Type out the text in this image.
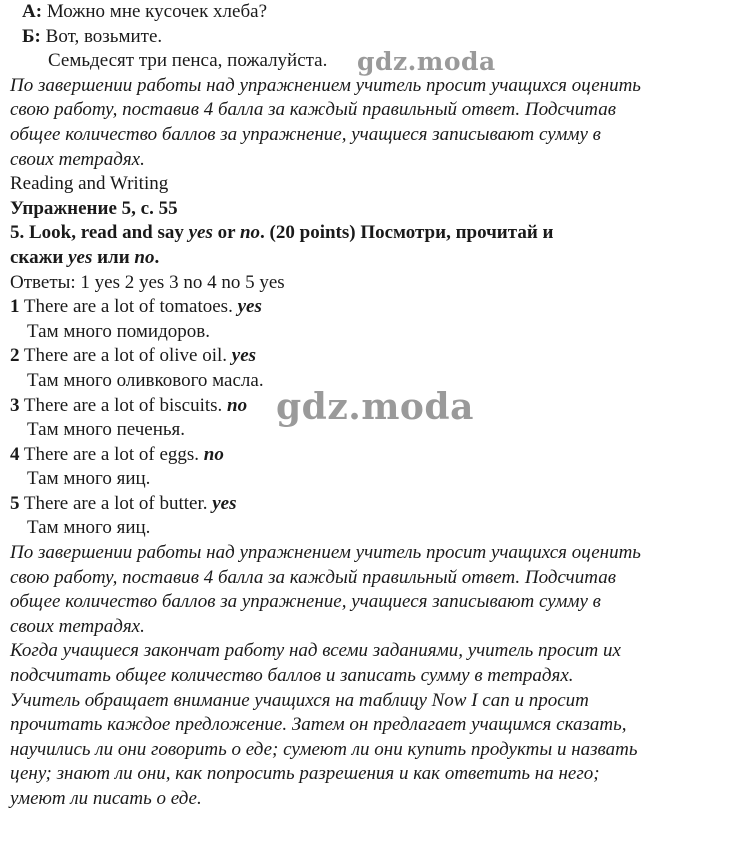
А: Можно мне кусочек хлеба?
Б: Вот, возьмите.
Семьдесят три пенса, пожалуйста.
По завершении работы над упражнением учитель просит учащихся оценить
свою работу, поставив 4 балла за каждый правильный ответ. Подсчитав
общее количество баллов за упражнение, учащиеся записывают сумму в
своих тетрадях.
Reading and Writing
Упражнение 5, с. 55
5. Look, read and say yes or no. (20 points) Посмотри, прочитай и
скажи yes или no.
Ответы: 1 yes 2 yes 3 no 4 no 5 yes
1 There are a lot of tomatoes. yes
Там много помидоров.
2 There are a lot of olive oil. yes
Там много оливкового масла.
3 There are a lot of biscuits. no
Там много печенья.
4 There are a lot of eggs. no
Там много яиц.
5 There are a lot of butter. yes
Там много яиц.
По завершении работы над упражнением учитель просит учащихся оценить
свою работу, поставив 4 балла за каждый правильный ответ. Подсчитав
общее количество баллов за упражнение, учащиеся записывают сумму в
своих тетрадях.
Когда учащиеся закончат работу над всеми заданиями, учитель просит их
подсчитать общее количество баллов и записать сумму в тетрадях.
Учитель обращает внимание учащихся на таблицу Now I can и просит
прочитать каждое предложение. Затем он предлагает учащимся сказать,
научились ли они говорить о еде; сумеют ли они купить продукты и назвать
цену; знают ли они, как попросить разрешения и как ответить на него;
умеют ли писать о еде.
gdz.moda
gdz.moda
